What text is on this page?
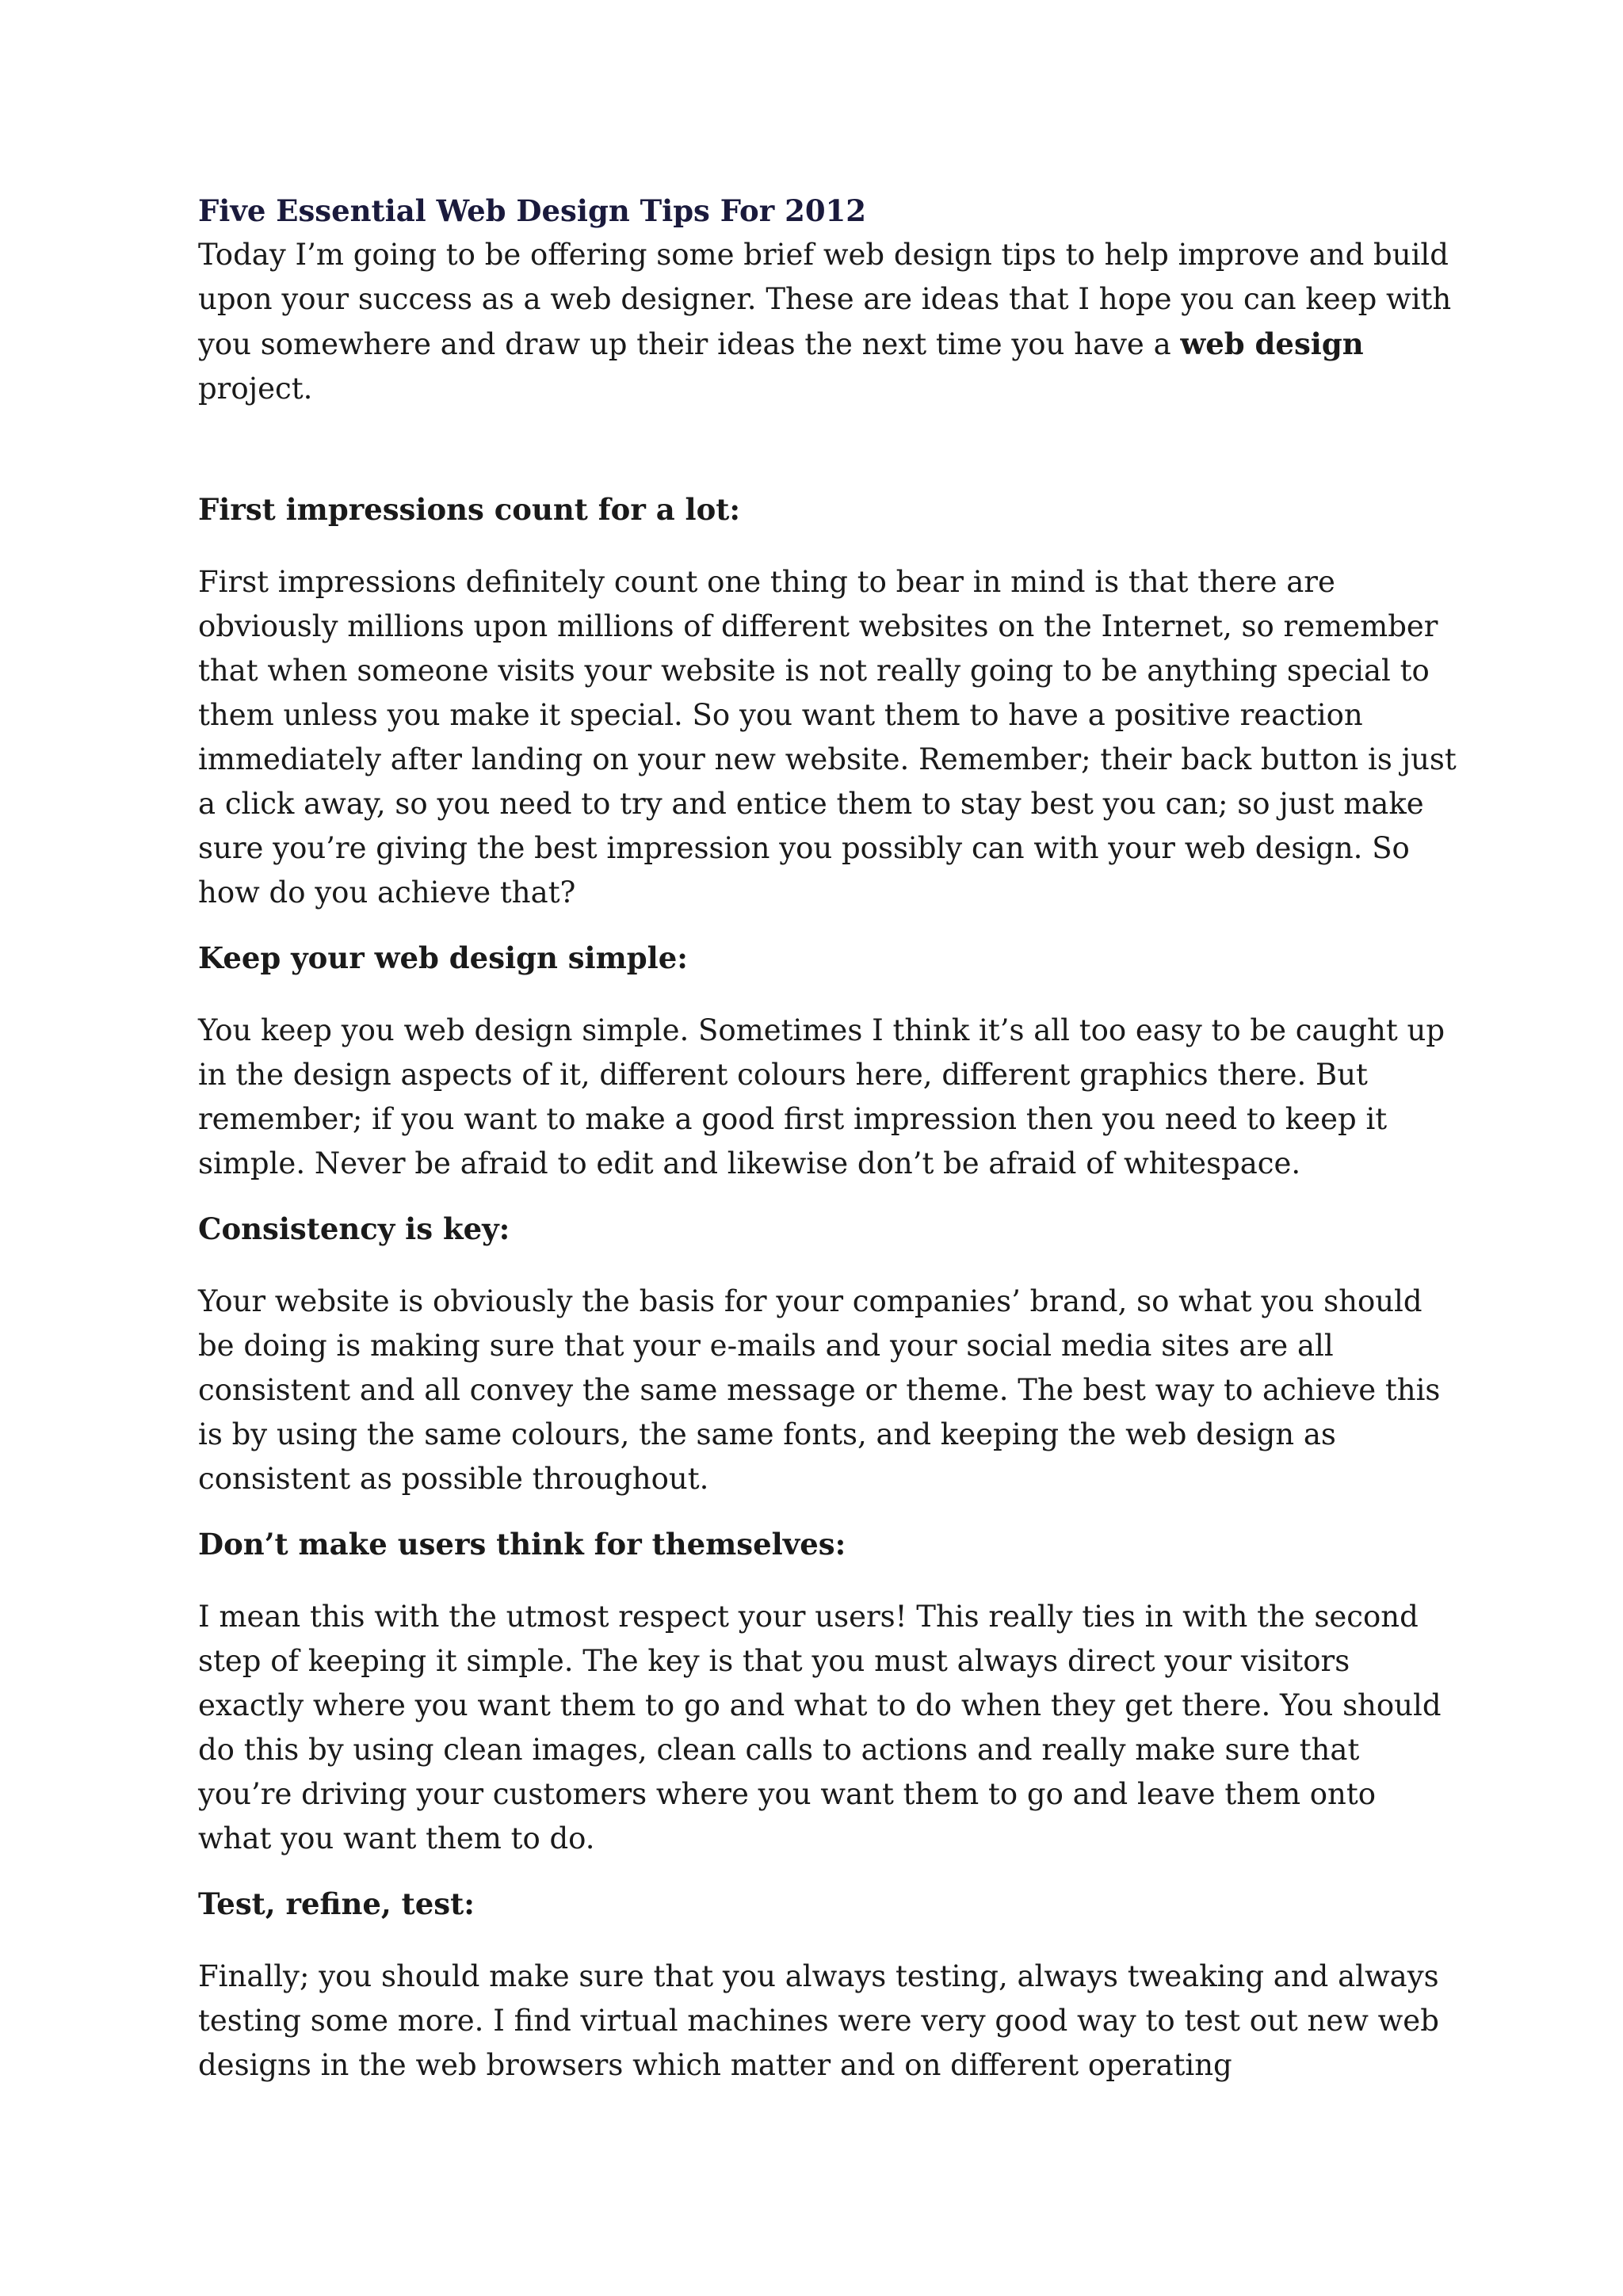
Five Essential Web Design Tips For 2012

Today I’m going to be offering some brief web design tips to help improve and build upon your success as a web designer. These are ideas that I hope you can keep with you somewhere and draw up their ideas the next time you have a web design project.

First impressions count for a lot:

First impressions definitely count one thing to bear in mind is that there are obviously millions upon millions of different websites on the Internet, so remember that when someone visits your website is not really going to be anything special to them unless you make it special. So you want them to have a positive reaction immediately after landing on your new website. Remember; their back button is just a click away, so you need to try and entice them to stay best you can; so just make sure you’re giving the best impression you possibly can with your web design. So how do you achieve that?

Keep your web design simple:

You keep you web design simple. Sometimes I think it’s all too easy to be caught up in the design aspects of it, different colours here, different graphics there. But remember; if you want to make a good first impression then you need to keep it simple. Never be afraid to edit and likewise don’t be afraid of whitespace.

Consistency is key:

Your website is obviously the basis for your companies’ brand, so what you should be doing is making sure that your e-mails and your social media sites are all consistent and all convey the same message or theme. The best way to achieve this is by using the same colours, the same fonts, and keeping the web design as consistent as possible throughout.

Don’t make users think for themselves:

I mean this with the utmost respect your users! This really ties in with the second step of keeping it simple. The key is that you must always direct your visitors exactly where you want them to go and what to do when they get there. You should do this by using clean images, clean calls to actions and really make sure that you’re driving your customers where you want them to go and leave them onto what you want them to do.

Test, refine, test:

Finally; you should make sure that you always testing, always tweaking and always testing some more. I find virtual machines were very good way to test out new web designs in the web browsers which matter and on different operating
